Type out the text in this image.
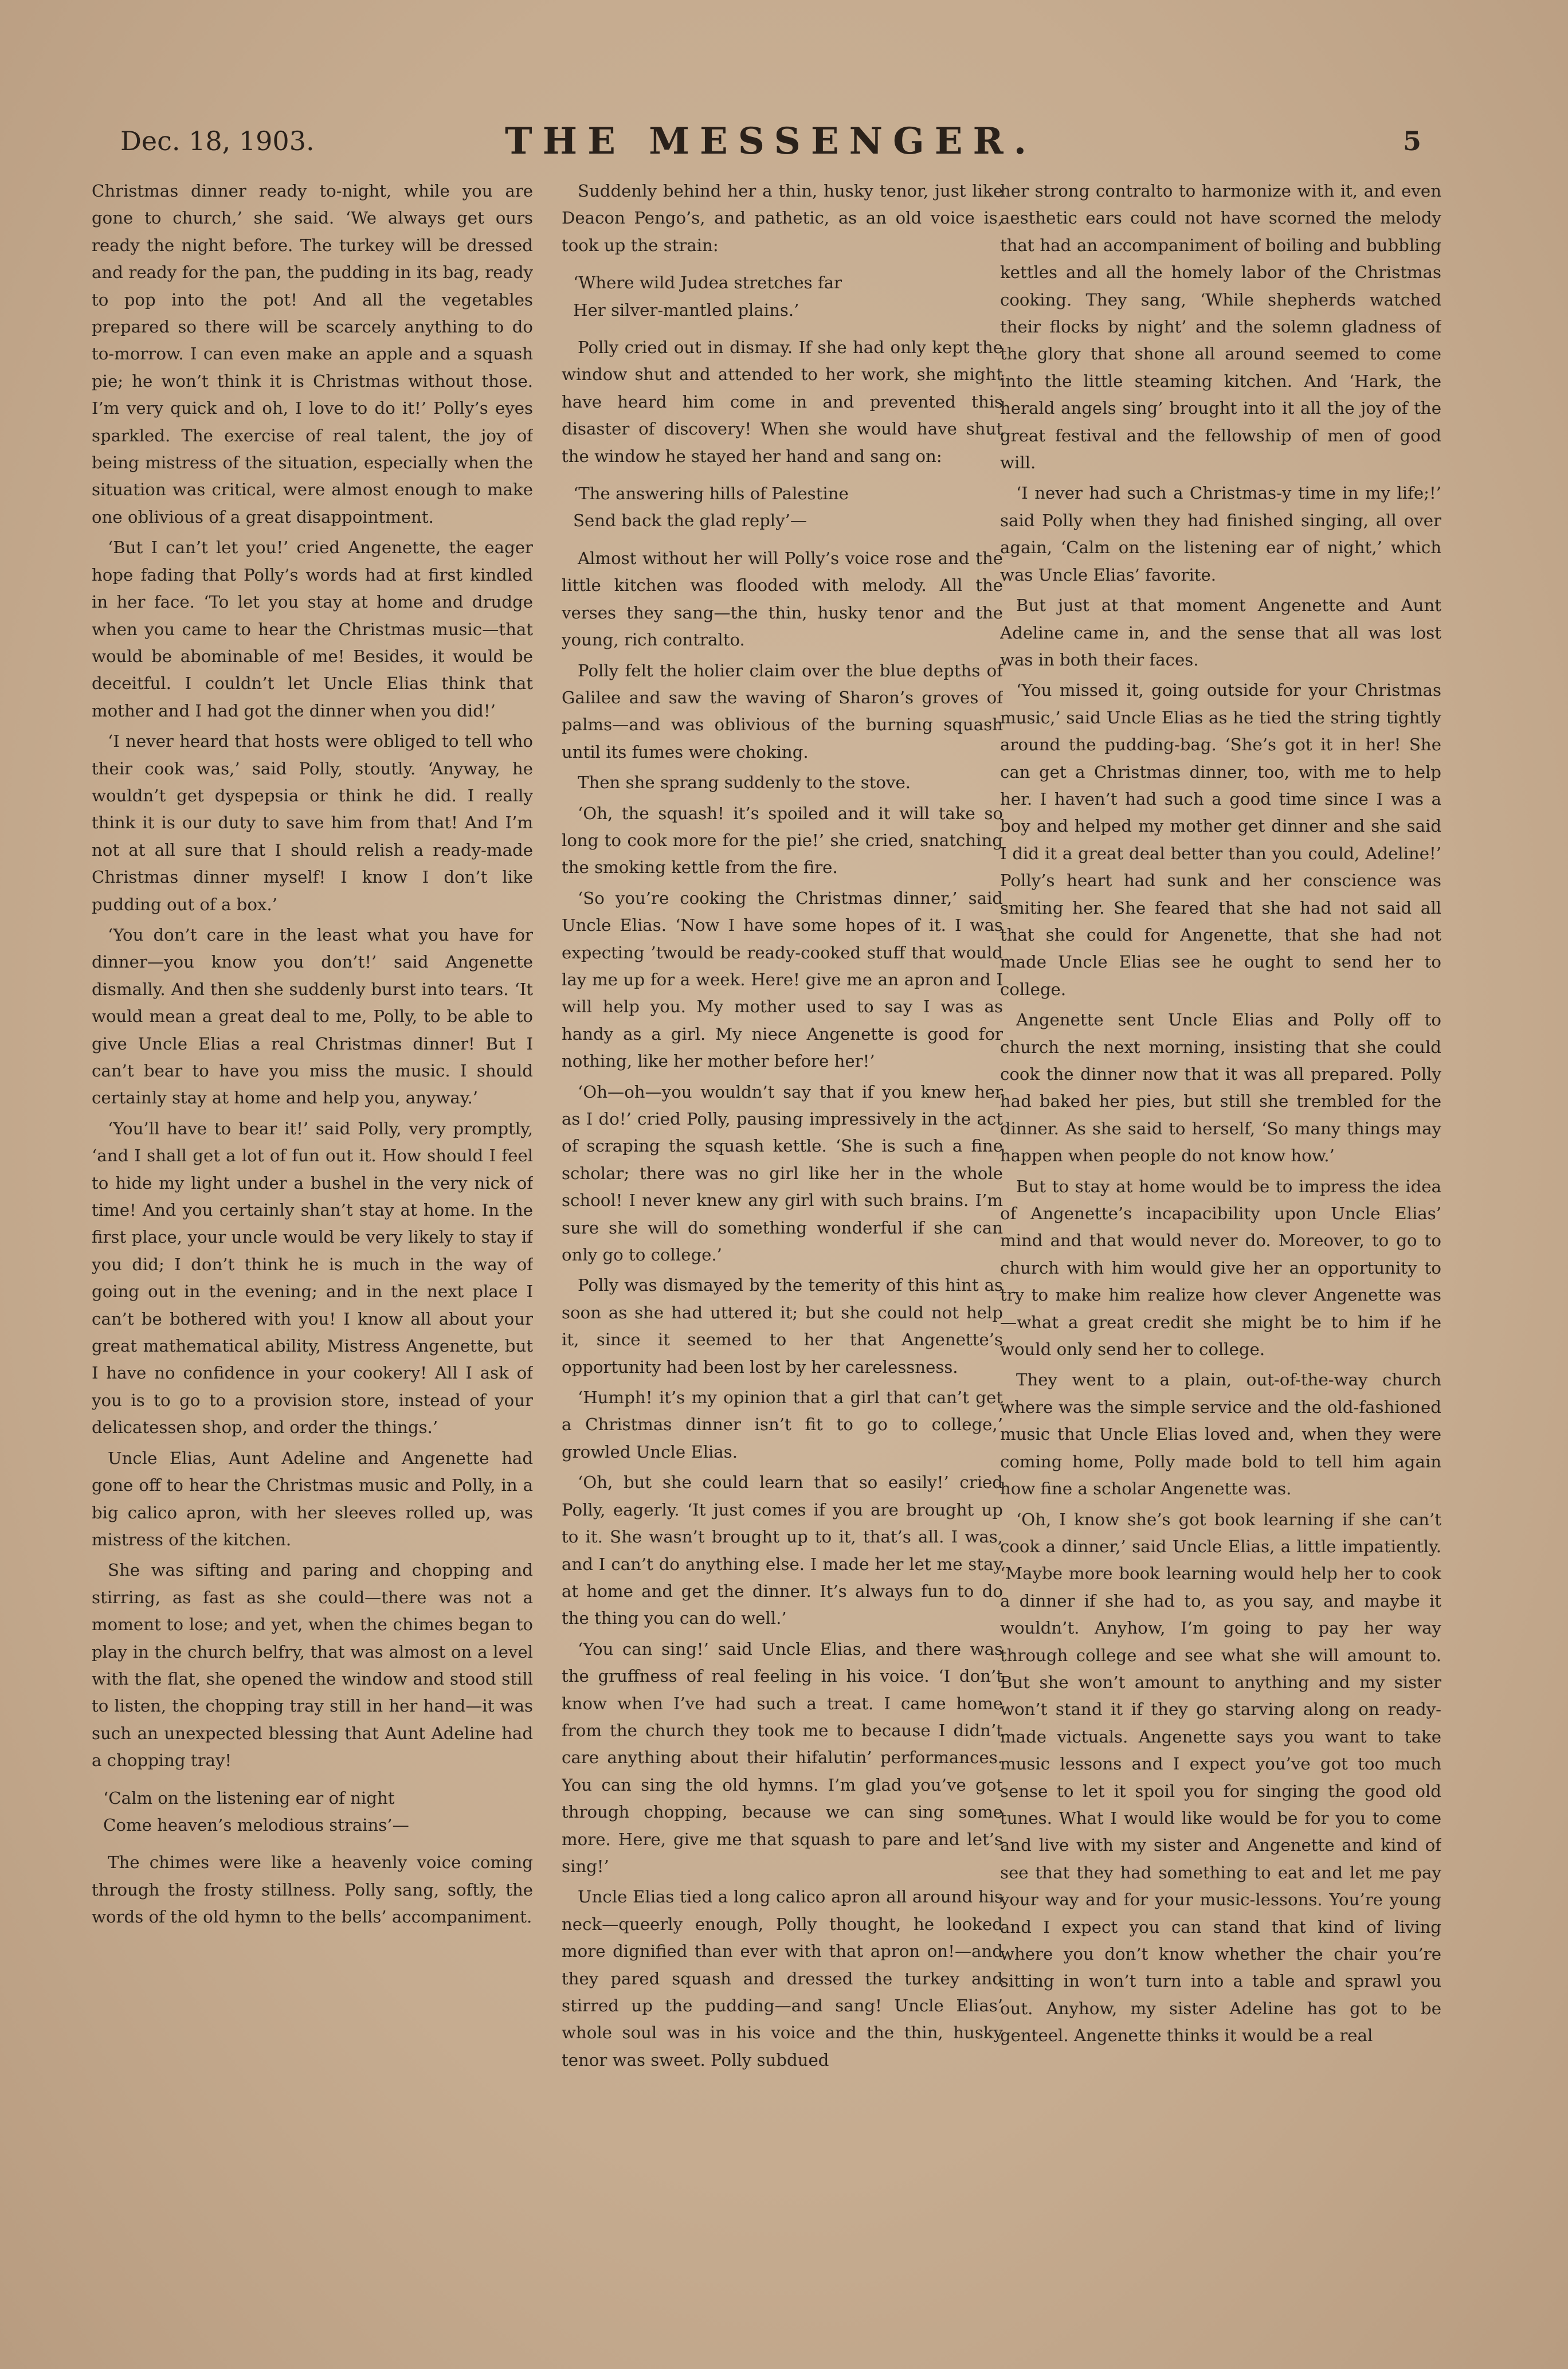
Dec. 18, 1903.	THE MESSENGER.	5

Christmas dinner ready to-night, while you are gone to church,’ she said. ‘We always get ours ready the night before. The turkey will be dressed and ready for the pan, the pudding in its bag, ready to pop into the pot! And all the vegetables prepared so there will be scarcely anything to do to-morrow. I can even make an apple and a squash pie; he won’t think it is Christmas without those. I’m very quick and oh, I love to do it!’ Polly’s eyes sparkled. The exercise of real talent, the joy of being mistress of the situation, especially when the situation was critical, were almost enough to make one oblivious of a great disappointment.

‘But I can’t let you!’ cried Angenette, the eager hope fading that Polly’s words had at first kindled in her face. ‘To let you stay at home and drudge when you came to hear the Christmas music—that would be abominable of me! Besides, it would be deceitful. I couldn’t let Uncle Elias think that mother and I had got the dinner when you did!’

‘I never heard that hosts were obliged to tell who their cook was,’ said Polly, stoutly. ‘Anyway, he wouldn’t get dyspepsia or think he did. I really think it is our duty to save him from that! And I’m not at all sure that I should relish a ready-made Christmas dinner myself! I know I don’t like pudding out of a box.’

‘You don’t care in the least what you have for dinner—you know you don’t!’ said Angenette dismally. And then she suddenly burst into tears. ‘It would mean a great deal to me, Polly, to be able to give Uncle Elias a real Christmas dinner! But I can’t bear to have you miss the music. I should certainly stay at home and help you, anyway.’

‘You’ll have to bear it!’ said Polly, very promptly, ‘and I shall get a lot of fun out it. How should I feel to hide my light under a bushel in the very nick of time! And you certainly shan’t stay at home. In the first place, your uncle would be very likely to stay if you did; I don’t think he is much in the way of going out in the evening; and in the next place I can’t be bothered with you! I know all about your great mathematical ability, Mistress Angenette, but I have no confidence in your cookery! All I ask of you is to go to a provision store, instead of your delicatessen shop, and order the things.’

Uncle Elias, Aunt Adeline and Angenette had gone off to hear the Christmas music and Polly, in a big calico apron, with her sleeves rolled up, was mistress of the kitchen.

She was sifting and paring and chopping and stirring, as fast as she could—there was not a moment to lose; and yet, when the chimes began to play in the church belfry, that was almost on a level with the flat, she opened the window and stood still to listen, the chopping tray still in her hand—it was such an unexpected blessing that Aunt Adeline had a chopping tray!

‘Calm on the listening ear of night
Come heaven’s melodious strains’—

The chimes were like a heavenly voice coming through the frosty stillness. Polly sang, softly, the words of the old hymn to the bells’ accompaniment.

Suddenly behind her a thin, husky tenor, just like Deacon Pengo’s, and pathetic, as an old voice is, took up the strain:

‘Where wild Judea stretches far
Her silver-mantled plains.’

Polly cried out in dismay. If she had only kept the window shut and attended to her work, she might have heard him come in and prevented this disaster of discovery! When she would have shut the window he stayed her hand and sang on:

‘The answering hills of Palestine
Send back the glad reply’—

Almost without her will Polly’s voice rose and the little kitchen was flooded with melody. All the verses they sang—the thin, husky tenor and the young, rich contralto.

Polly felt the holier claim over the blue depths of Galilee and saw the waving of Sharon’s groves of palms—and was oblivious of the burning squash until its fumes were choking.

Then she sprang suddenly to the stove.

‘Oh, the squash! it’s spoiled and it will take so long to cook more for the pie!’ she cried, snatching the smoking kettle from the fire.

‘So you’re cooking the Christmas dinner,’ said Uncle Elias. ‘Now I have some hopes of it. I was expecting ’twould be ready-cooked stuff that would lay me up for a week. Here! give me an apron and I will help you. My mother used to say I was as handy as a girl. My niece Angenette is good for nothing, like her mother before her!’

‘Oh—oh—you wouldn’t say that if you knew her as I do!’ cried Polly, pausing impressively in the act of scraping the squash kettle. ‘She is such a fine scholar; there was no girl like her in the whole school! I never knew any girl with such brains. I’m sure she will do something wonderful if she can only go to college.’

Polly was dismayed by the temerity of this hint as soon as she had uttered it; but she could not help it, since it seemed to her that Angenette’s opportunity had been lost by her carelessness.

‘Humph! it’s my opinion that a girl that can’t get a Christmas dinner isn’t fit to go to college,’ growled Uncle Elias.

‘Oh, but she could learn that so easily!’ cried Polly, eagerly. ‘It just comes if you are brought up to it. She wasn’t brought up to it, that’s all. I was, and I can’t do anything else. I made her let me stay at home and get the dinner. It’s always fun to do the thing you can do well.’

‘You can sing!’ said Uncle Elias, and there was the gruffness of real feeling in his voice. ‘I don’t know when I’ve had such a treat. I came home from the church they took me to because I didn’t care anything about their hifalutin’ performances. You can sing the old hymns. I’m glad you’ve got through chopping, because we can sing some more. Here, give me that squash to pare and let’s sing!’

Uncle Elias tied a long calico apron all around his neck—queerly enough, Polly thought, he looked more dignified than ever with that apron on!—and they pared squash and dressed the turkey and stirred up the pudding—and sang! Uncle Elias’ whole soul was in his voice and the thin, husky tenor was sweet. Polly subdued

her strong contralto to harmonize with it, and even aesthetic ears could not have scorned the melody that had an accompaniment of boiling and bubbling kettles and all the homely labor of the Christmas cooking. They sang, ‘While shepherds watched their flocks by night’ and the solemn gladness of the glory that shone all around seemed to come into the little steaming kitchen. And ‘Hark, the herald angels sing’ brought into it all the joy of the great festival and the fellowship of men of good will.

‘I never had such a Christmas-y time in my life;!’ said Polly when they had finished singing, all over again, ‘Calm on the listening ear of night,’ which was Uncle Elias’ favorite.

But just at that moment Angenette and Aunt Adeline came in, and the sense that all was lost was in both their faces.

‘You missed it, going outside for your Christmas music,’ said Uncle Elias as he tied the string tightly around the pudding-bag. ‘She’s got it in her! She can get a Christmas dinner, too, with me to help her. I haven’t had such a good time since I was a boy and helped my mother get dinner and she said I did it a great deal better than you could, Adeline!’ Polly’s heart had sunk and her conscience was smiting her. She feared that she had not said all that she could for Angenette, that she had not made Uncle Elias see he ought to send her to college.

Angenette sent Uncle Elias and Polly off to church the next morning, insisting that she could cook the dinner now that it was all prepared. Polly had baked her pies, but still she trembled for the dinner. As she said to herself, ‘So many things may happen when people do not know how.’

But to stay at home would be to impress the idea of Angenette’s incapacibility upon Uncle Elias’ mind and that would never do. Moreover, to go to church with him would give her an opportunity to try to make him realize how clever Angenette was—what a great credit she might be to him if he would only send her to college.

They went to a plain, out-of-the-way church where was the simple service and the old-fashioned music that Uncle Elias loved and, when they were coming home, Polly made bold to tell him again how fine a scholar Angenette was.

‘Oh, I know she’s got book learning if she can’t cook a dinner,’ said Uncle Elias, a little impatiently. ‘Maybe more book learning would help her to cook a dinner if she had to, as you say, and maybe it wouldn’t. Anyhow, I’m going to pay her way through college and see what she will amount to. But she won’t amount to anything and my sister won’t stand it if they go starving along on ready-made victuals. Angenette says you want to take music lessons and I expect you’ve got too much sense to let it spoil you for singing the good old tunes. What I would like would be for you to come and live with my sister and Angenette and kind of see that they had something to eat and let me pay your way and for your music-lessons. You’re young and I expect you can stand that kind of living where you don’t know whether the chair you’re sitting in won’t turn into a table and sprawl you out. Anyhow, my sister Adeline has got to be genteel. Angenette thinks it would be a real
